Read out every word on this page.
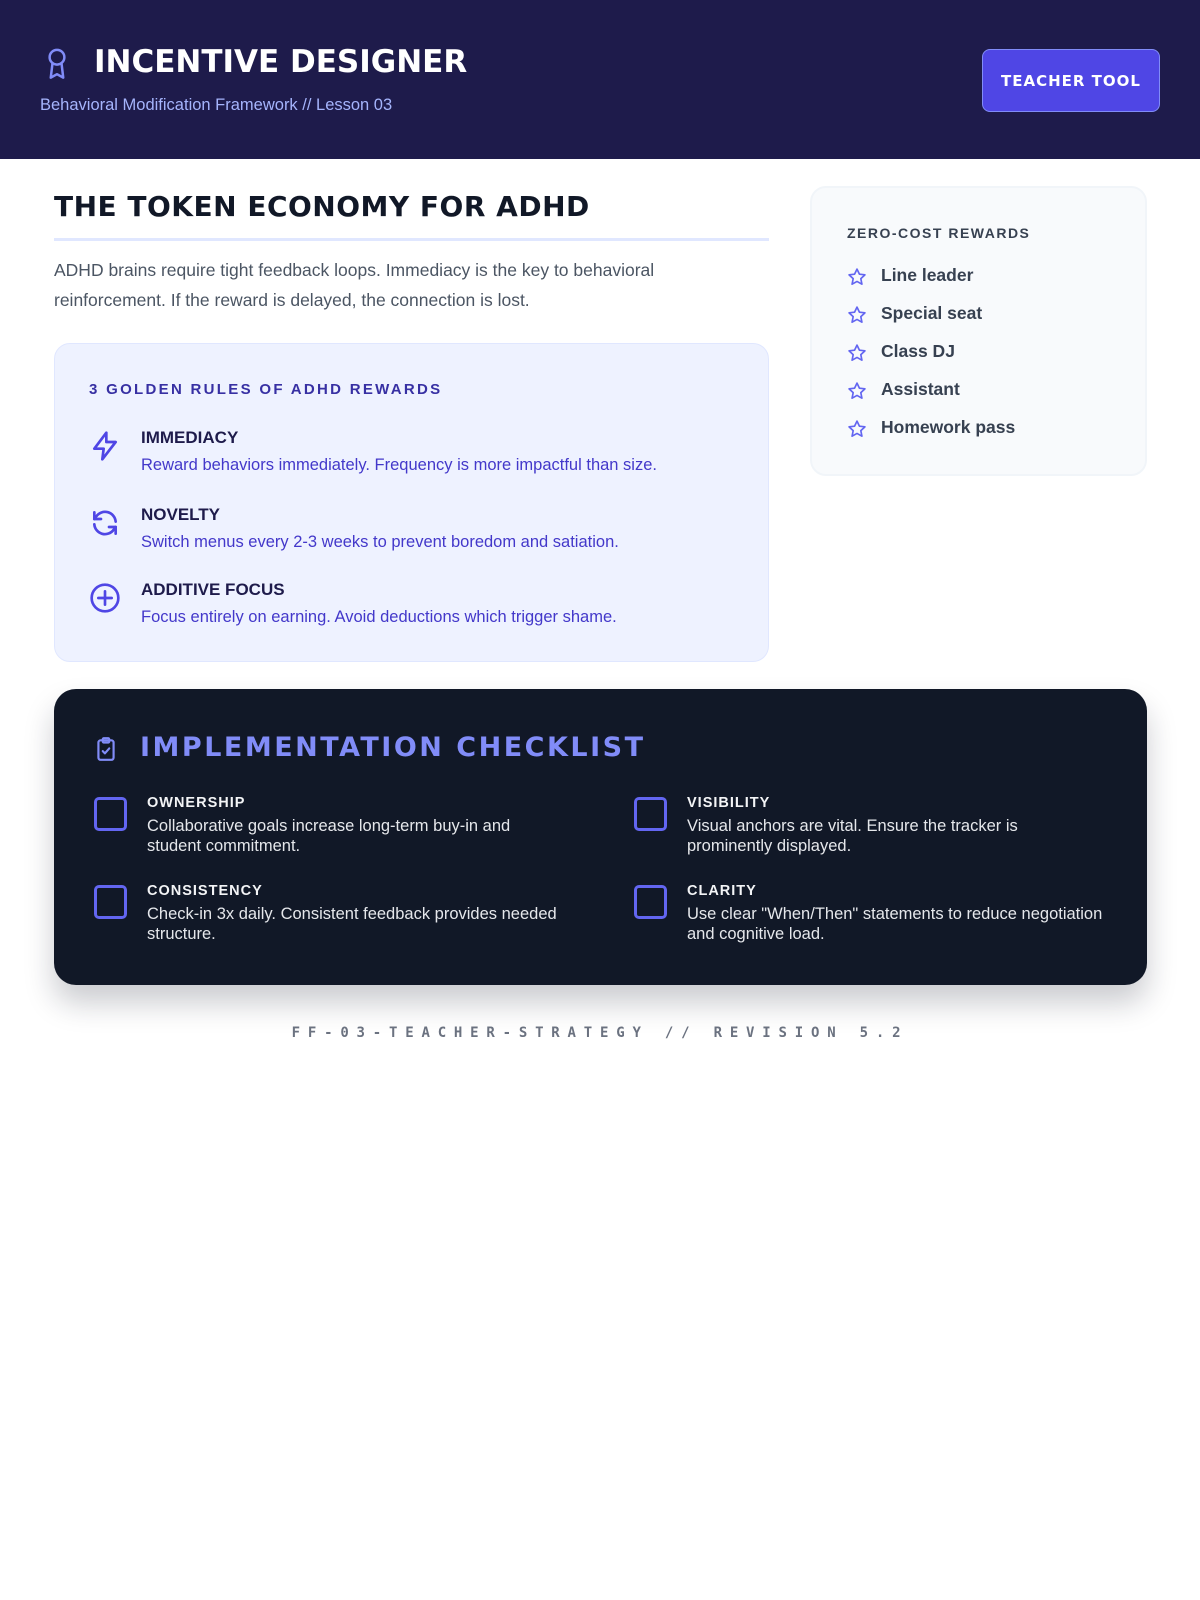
INCENTIVE DESIGNER
Behavioral Modification Framework // Lesson 03
TEACHER TOOL
THE TOKEN ECONOMY FOR ADHD
ADHD brains require tight feedback loops. Immediacy is the key to behavioral reinforcement. If the reward is delayed, the connection is lost.
3 GOLDEN RULES OF ADHD REWARDS
IMMEDIACY
Reward behaviors immediately. Frequency is more impactful than size.
NOVELTY
Switch menus every 2-3 weeks to prevent boredom and satiation.
ADDITIVE FOCUS
Focus entirely on earning. Avoid deductions which trigger shame.
ZERO-COST REWARDS
Line leader
Special seat
Class DJ
Assistant
Homework pass
IMPLEMENTATION CHECKLIST
OWNERSHIP
Collaborative goals increase long-term buy-in and student commitment.
VISIBILITY
Visual anchors are vital. Ensure the tracker is prominently displayed.
CONSISTENCY
Check-in 3x daily. Consistent feedback provides needed structure.
CLARITY
Use clear "When/Then" statements to reduce negotiation and cognitive load.
FF-03-TEACHER-STRATEGY // REVISION 5.2
